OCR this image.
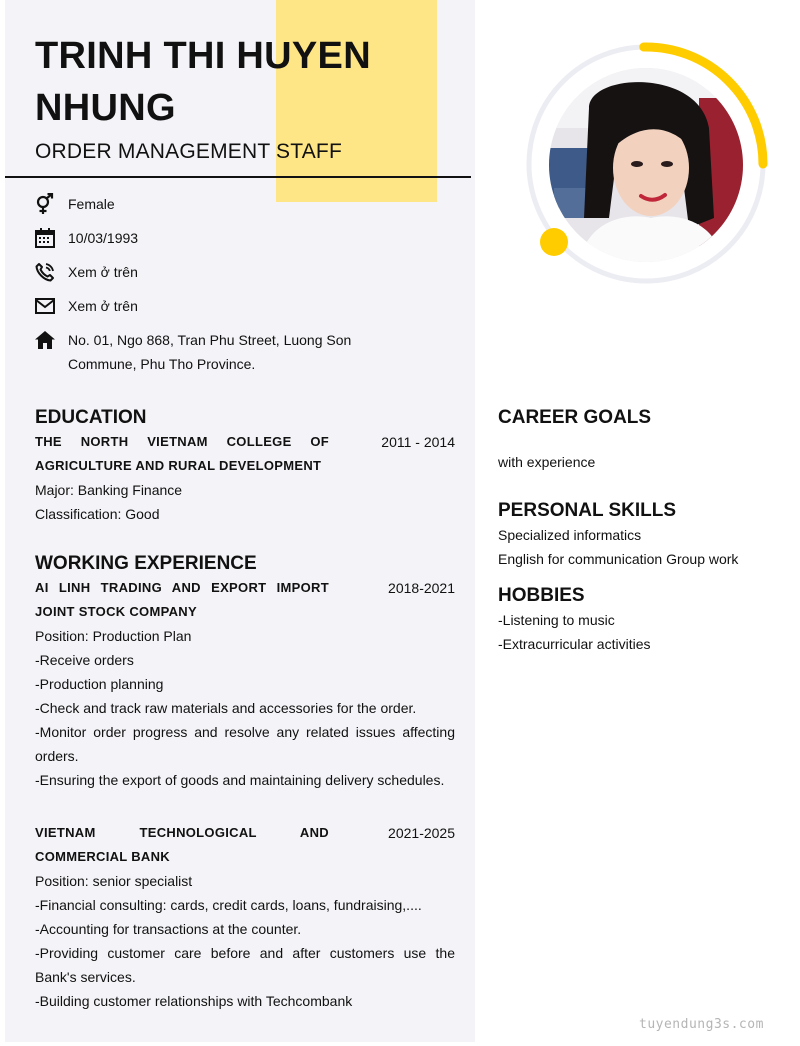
TRINH THI HUYEN NHUNG
ORDER MANAGEMENT STAFF
Female
10/03/1993
Xem ở trên
Xem ở trên
No. 01, Ngo 868, Tran Phu Street, Luong Son Commune, Phu Tho Province.
EDUCATION
THE NORTH VIETNAM COLLEGE OF AGRICULTURE AND RURAL DEVELOPMENT
2011 - 2014
Major: Banking Finance
Classification: Good
WORKING EXPERIENCE
AI LINH TRADING AND EXPORT IMPORT JOINT STOCK COMPANY
2018-2021
Position: Production Plan
-Receive orders
-Production planning
-Check and track raw materials and accessories for the order.
-Monitor order progress and resolve any related issues affecting orders.
-Ensuring the export of goods and maintaining delivery schedules.
VIETNAM TECHNOLOGICAL AND COMMERCIAL BANK
2021-2025
Position: senior specialist
-Financial consulting: cards, credit cards, loans, fundraising,....
-Accounting for transactions at the counter.
-Providing customer care before and after customers use the Bank's services.
-Building customer relationships with Techcombank
CAREER GOALS
with experience
PERSONAL SKILLS
Specialized informatics
English for communication Group work
HOBBIES
-Listening to music
-Extracurricular activities
tuyendung3s.com
